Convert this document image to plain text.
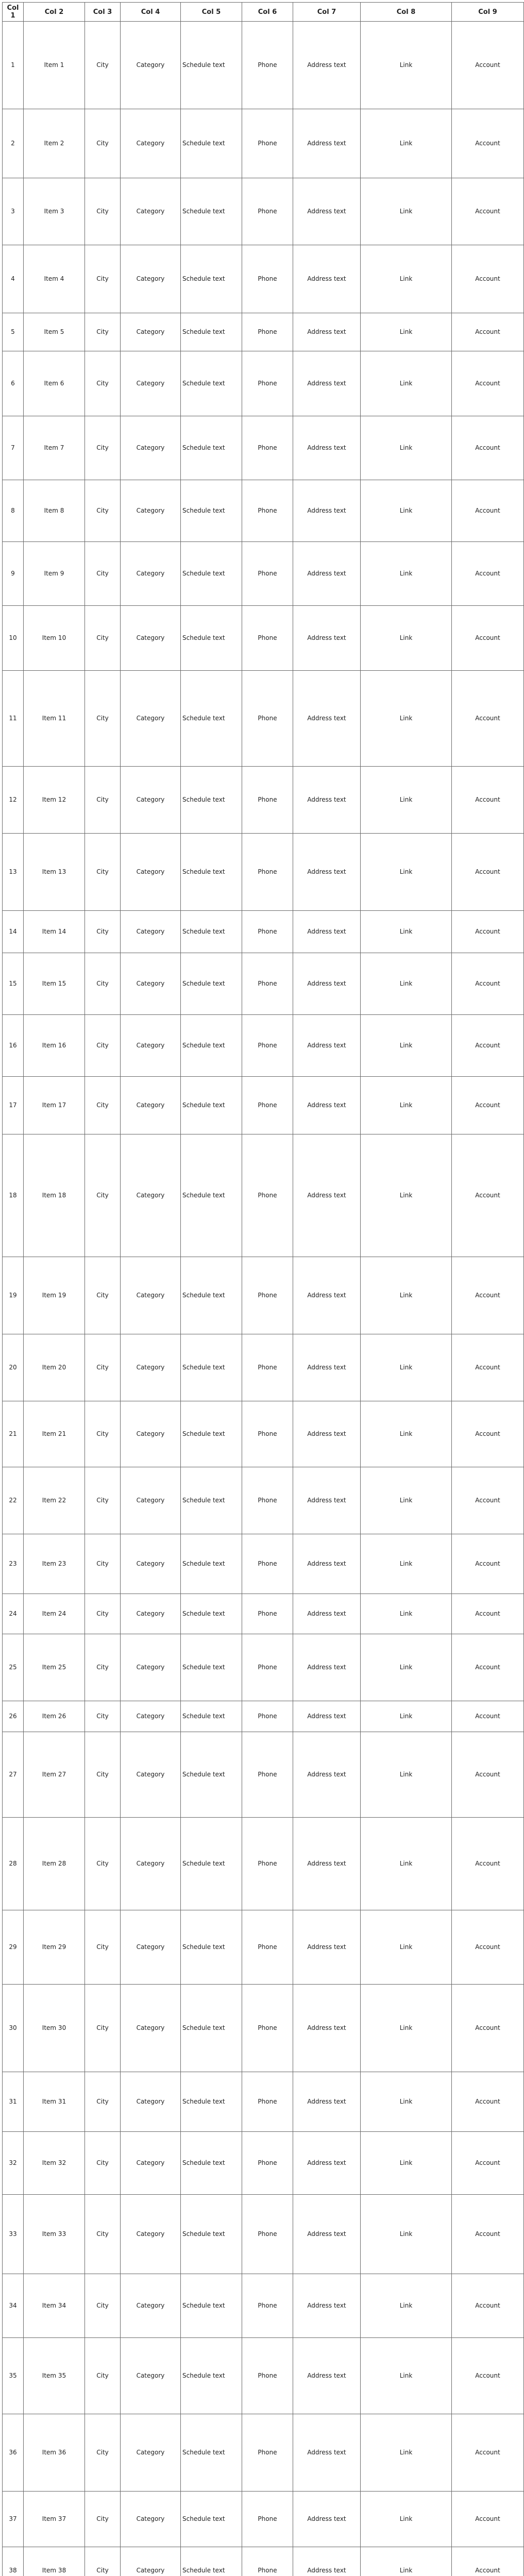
Col 1	Col 2	Col 3	Col 4	Col 5	Col 6	Col 7	Col 8	Col 9
1	Item 1	City	Category	Schedule text	Phone	Address text	Link	Account
2	Item 2	City	Category	Schedule text	Phone	Address text	Link	Account
3	Item 3	City	Category	Schedule text	Phone	Address text	Link	Account
4	Item 4	City	Category	Schedule text	Phone	Address text	Link	Account
5	Item 5	City	Category	Schedule text	Phone	Address text	Link	Account
6	Item 6	City	Category	Schedule text	Phone	Address text	Link	Account
7	Item 7	City	Category	Schedule text	Phone	Address text	Link	Account
8	Item 8	City	Category	Schedule text	Phone	Address text	Link	Account
9	Item 9	City	Category	Schedule text	Phone	Address text	Link	Account
10	Item 10	City	Category	Schedule text	Phone	Address text	Link	Account
11	Item 11	City	Category	Schedule text	Phone	Address text	Link	Account
12	Item 12	City	Category	Schedule text	Phone	Address text	Link	Account
13	Item 13	City	Category	Schedule text	Phone	Address text	Link	Account
14	Item 14	City	Category	Schedule text	Phone	Address text	Link	Account
15	Item 15	City	Category	Schedule text	Phone	Address text	Link	Account
16	Item 16	City	Category	Schedule text	Phone	Address text	Link	Account
17	Item 17	City	Category	Schedule text	Phone	Address text	Link	Account
18	Item 18	City	Category	Schedule text	Phone	Address text	Link	Account
19	Item 19	City	Category	Schedule text	Phone	Address text	Link	Account
20	Item 20	City	Category	Schedule text	Phone	Address text	Link	Account
21	Item 21	City	Category	Schedule text	Phone	Address text	Link	Account
22	Item 22	City	Category	Schedule text	Phone	Address text	Link	Account
23	Item 23	City	Category	Schedule text	Phone	Address text	Link	Account
24	Item 24	City	Category	Schedule text	Phone	Address text	Link	Account
25	Item 25	City	Category	Schedule text	Phone	Address text	Link	Account
26	Item 26	City	Category	Schedule text	Phone	Address text	Link	Account
27	Item 27	City	Category	Schedule text	Phone	Address text	Link	Account
28	Item 28	City	Category	Schedule text	Phone	Address text	Link	Account
29	Item 29	City	Category	Schedule text	Phone	Address text	Link	Account
30	Item 30	City	Category	Schedule text	Phone	Address text	Link	Account
31	Item 31	City	Category	Schedule text	Phone	Address text	Link	Account
32	Item 32	City	Category	Schedule text	Phone	Address text	Link	Account
33	Item 33	City	Category	Schedule text	Phone	Address text	Link	Account
34	Item 34	City	Category	Schedule text	Phone	Address text	Link	Account
35	Item 35	City	Category	Schedule text	Phone	Address text	Link	Account
36	Item 36	City	Category	Schedule text	Phone	Address text	Link	Account
37	Item 37	City	Category	Schedule text	Phone	Address text	Link	Account
38	Item 38	City	Category	Schedule text	Phone	Address text	Link	Account
